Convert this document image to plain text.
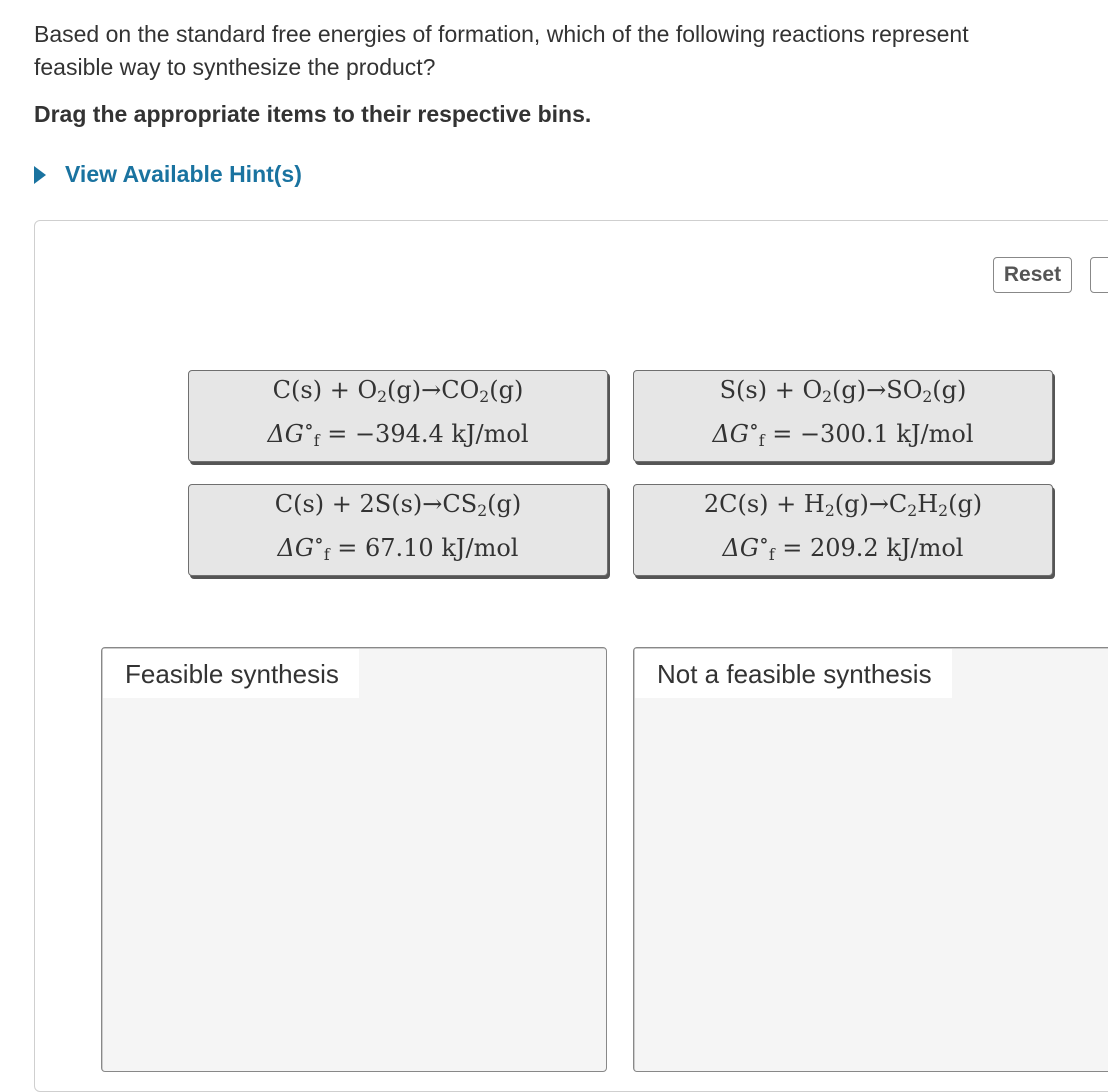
Based on the standard free energies of formation, which of the following reactions represent
feasible way to synthesize the product?
Drag the appropriate items to their respective bins.
View Available Hint(s)
Reset
$C(s) + O_2(g)\to CO_2(g)$
$\Delta G^\circ_f = -394.4$ kJ/mol
$S(s) + O_2(g)\to SO_2(g)$
$\Delta G^\circ_f = -300.1$ kJ/mol
$C(s) + 2S(s)\to CS_2(g)$
$\Delta G^\circ_f = 67.10$ kJ/mol
$2C(s) + H_2(g)\to C_2H_2(g)$
$\Delta G^\circ_f = 209.2$ kJ/mol
Feasible synthesis	Not a feasible synthesis
